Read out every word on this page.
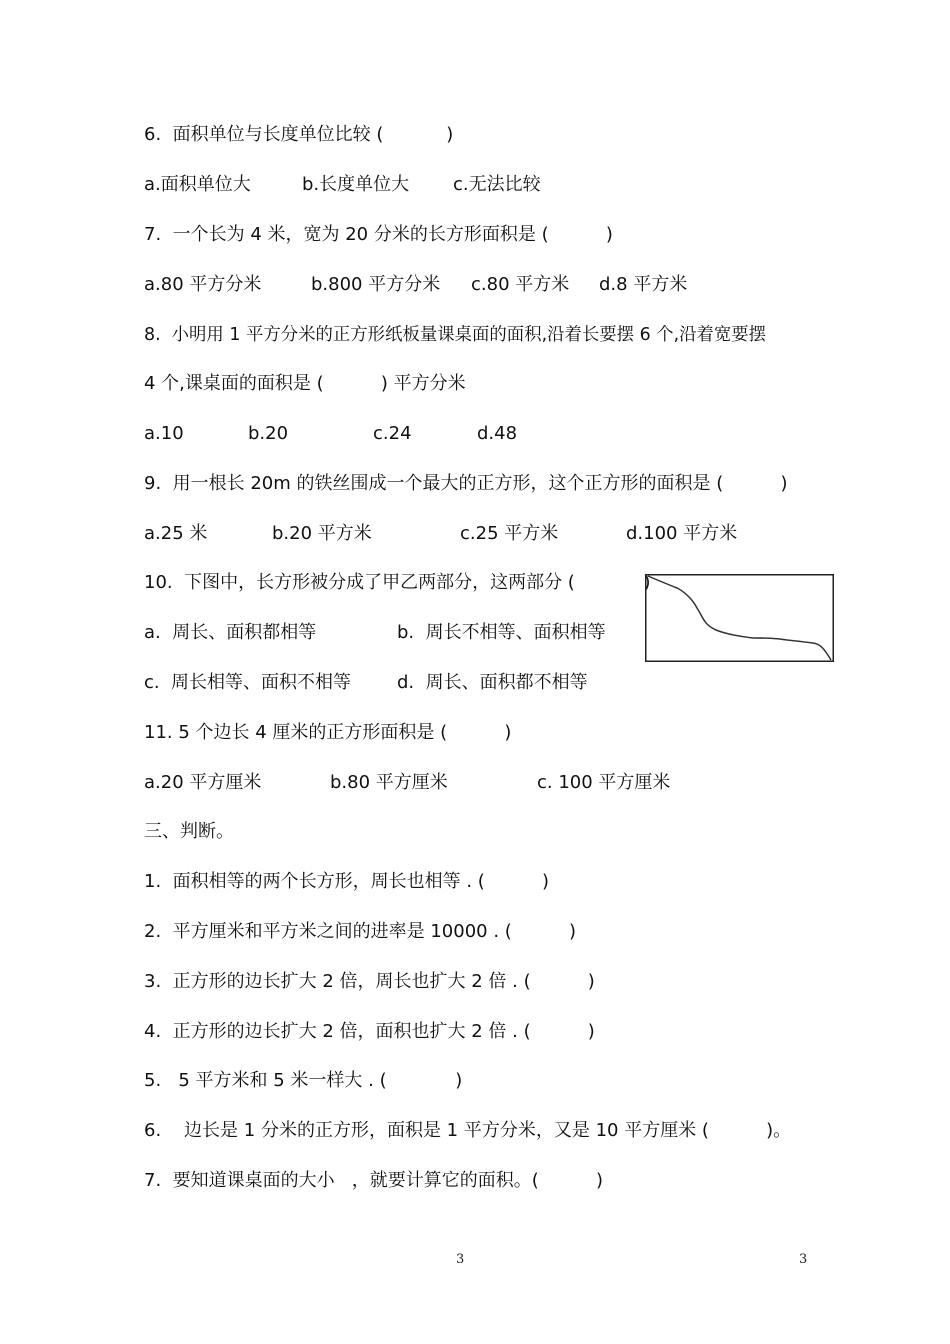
6.  面积单位与长度单位比较 (           )
a.面积单位大	b.长度单位大 c.无法比较
7.  一个长为 4 米，宽为 20 分米的长方形面积是 (          )
a.80 平方分米	b.800 平方分米 c.80 平方米 d.8 平方米
8.  小明用 1 平方分米的正方形纸板量课桌面的面积,沿着长要摆 6 个,沿着宽要摆
4 个,课桌面的面积是 (          ) 平方分米
a.10	b.20	c.24	d.48
9.  用一根长 20m 的铁丝围成一个最大的正方形，这个正方形的面积是 (          )
a.25 米	b.20 平方米	c.25 平方米	d.100 平方米
10.  下图中，长方形被分成了甲乙两部分，这两部分 (            )
a.  周长、面积都相等	b.  周长不相等、面积相等
c.  周长相等、面积不相等	d.  周长、面积都不相等
11. 5 个边长 4 厘米的正方形面积是 (          )
a.20 平方厘米	b.80 平方厘米	c. 100 平方厘米
三、判断。
1.  面积相等的两个长方形，周长也相等 . (          )
2.  平方厘米和平方米之间的进率是 10000 . (          )
3.  正方形的边长扩大 2 倍，周长也扩大 2 倍 . (          )
4.  正方形的边长扩大 2 倍，面积也扩大 2 倍 . (          )
5.   5 平方米和 5 米一样大 . (            )
6.    边长是 1 分米的正方形，面积是 1 平方分米，又是 10 平方厘米 (          )。
7.  要知道课桌面的大小   ，就要计算它的面积。(          )
3	3
